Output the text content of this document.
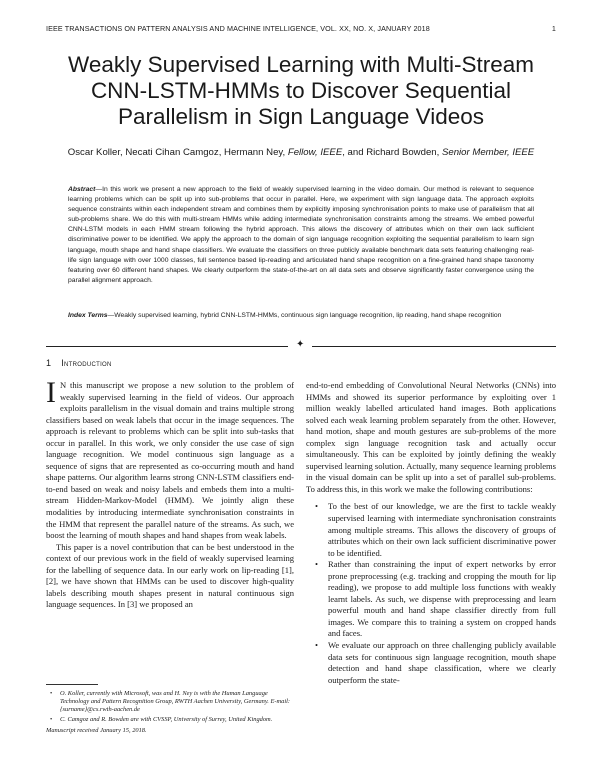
IEEE TRANSACTIONS ON PATTERN ANALYSIS AND MACHINE INTELLIGENCE, VOL. XX, NO. X, JANUARY 2018	1
Weakly Supervised Learning with Multi-Stream
CNN-LSTM-HMMs to Discover Sequential
Parallelism in Sign Language Videos
Oscar Koller, Necati Cihan Camgoz, Hermann Ney, Fellow, IEEE, and Richard Bowden, Senior Member, IEEE
Abstract—In this work we present a new approach to the field of weakly supervised learning in the video domain. Our method is relevant to sequence learning problems which can be split up into sub-problems that occur in parallel. Here, we experiment with sign language data. The approach exploits sequence constraints within each independent stream and combines them by explicitly imposing synchronisation points to make use of parallelism that all sub-problems share. We do this with multi-stream HMMs while adding intermediate synchronisation constraints among the streams. We embed powerful CNN-LSTM models in each HMM stream following the hybrid approach. This allows the discovery of attributes which on their own lack sufficient discriminative power to be identified. We apply the approach to the domain of sign language recognition exploiting the sequential parallelism to learn sign language, mouth shape and hand shape classifiers. We evaluate the classifiers on three publicly available benchmark data sets featuring challenging real-life sign language with over 1000 classes, full sentence based lip-reading and articulated hand shape recognition on a fine-grained hand shape taxonomy featuring over 60 different hand shapes. We clearly outperform the state-of-the-art on all data sets and observe significantly faster convergence using the parallel alignment approach.
Index Terms—Weakly supervised learning, hybrid CNN-LSTM-HMMs, continuous sign language recognition, lip reading, hand shape recognition
✦
1 Introduction

I N this manuscript we propose a new solution to the problem of weakly supervised learning in the field of videos. Our approach exploits parallelism in the visual domain and trains multiple strong classifiers based on weak labels that occur in the image sequences. The approach is relevant to problems which can be split into sub-tasks that occur in parallel. In this work, we only consider the use case of sign language recognition. We model continuous sign language as a sequence of signs that are represented as co-occurring mouth and hand shape patterns. Our algorithm learns strong CNN-LSTM classifiers end-to-end based on weak and noisy labels and embeds them into a multi-stream Hidden-Markov-Model (HMM). We jointly align these modalities by introducing intermediate synchronisation constraints in the HMM that represent the parallel nature of the streams. As such, we boost the learning of mouth shapes and hand shapes from weak labels.

This paper is a novel contribution that can be best understood in the context of our previous work in the field of weakly supervised learning for the labelling of sequence data. In our early work on lip-reading [1], [2], we have shown that HMMs can be used to discover high-quality labels describing mouth shapes present in natural continuous sign language sequences. In [3] we proposed an

end-to-end embedding of Convolutional Neural Networks (CNNs) into HMMs and showed its superior performance by exploiting over 1 million weakly labelled articulated hand images. Both applications solved each weak learning problem separately from the other. However, hand motion, shape and mouth gestures are sub-problems of the more complex sign language recognition task and actually occur simultaneously. This can be exploited by jointly defining the weakly supervised learning solution. Actually, many sequence learning problems in the visual domain can be split up into a set of parallel sub-problems. To address this, in this work we make the following contributions:

• To the best of our knowledge, we are the first to tackle weakly supervised learning with intermediate synchronisation constraints among multiple streams. This allows the discovery of groups of attributes which on their own lack sufficient discriminative power to be identified.
• Rather than constraining the input of expert networks by error prone preprocessing (e.g. tracking and cropping the mouth for lip reading), we propose to add multiple loss functions with weakly learnt labels. As such, we dispense with preprocessing and learn powerful mouth and hand shape classifier directly from full images. We compare this to training a system on cropped hands and faces.
• We evaluate our approach on three challenging publicly available data sets for continuous sign language recognition, mouth shape detection and hand shape classification, where we clearly outperform the state-
• O. Koller, currently with Microsoft, was and H. Ney is with the Human Language Technology and Pattern Recognition Group, RWTH Aachen University, Germany. E-mail: {surname}@cs.rwth-aachen.de
• C. Camgoz and R. Bowden are with CVSSP, University of Surrey, United Kingdom.
Manuscript received January 15, 2018.
